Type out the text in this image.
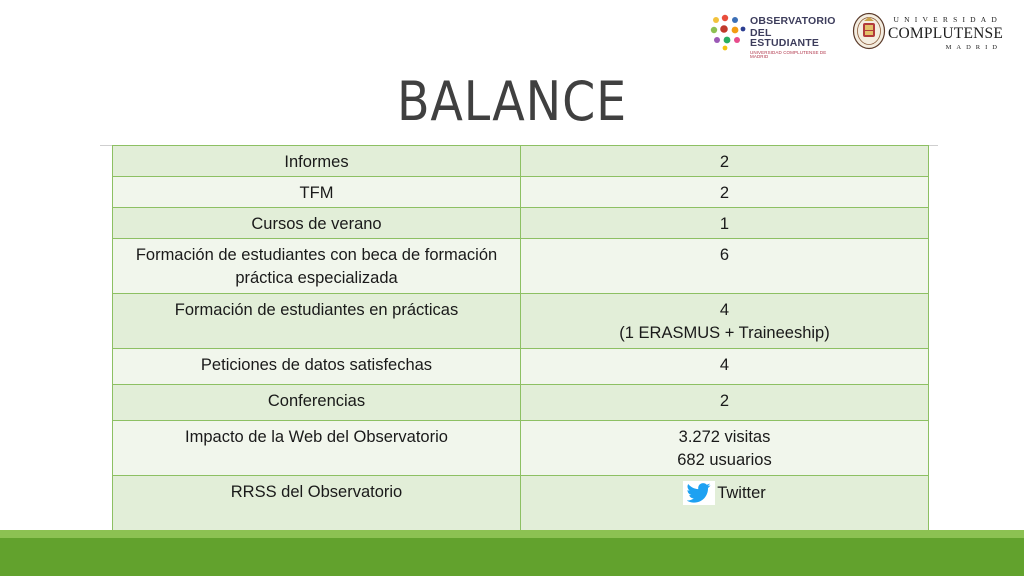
OBSERVATORIO
DEL ESTUDIANTE
UNIVERSIDAD COMPLUTENSE DE MADRID
UNIVERSIDAD
COMPLUTENSE
MADRID
BALANCE
Informes	2

TFM	2

Cursos de verano	1

Formación de estudiantes con beca de formación
práctica especializada	6

Formación de estudiantes en prácticas	4
(1 ERASMUS + Traineeship)

Peticiones de datos satisfechas	4

Conferencias	2

Impacto de la Web del Observatorio	3.272 visitas
682 usuarios

RRSS del Observatorio	Twitter
